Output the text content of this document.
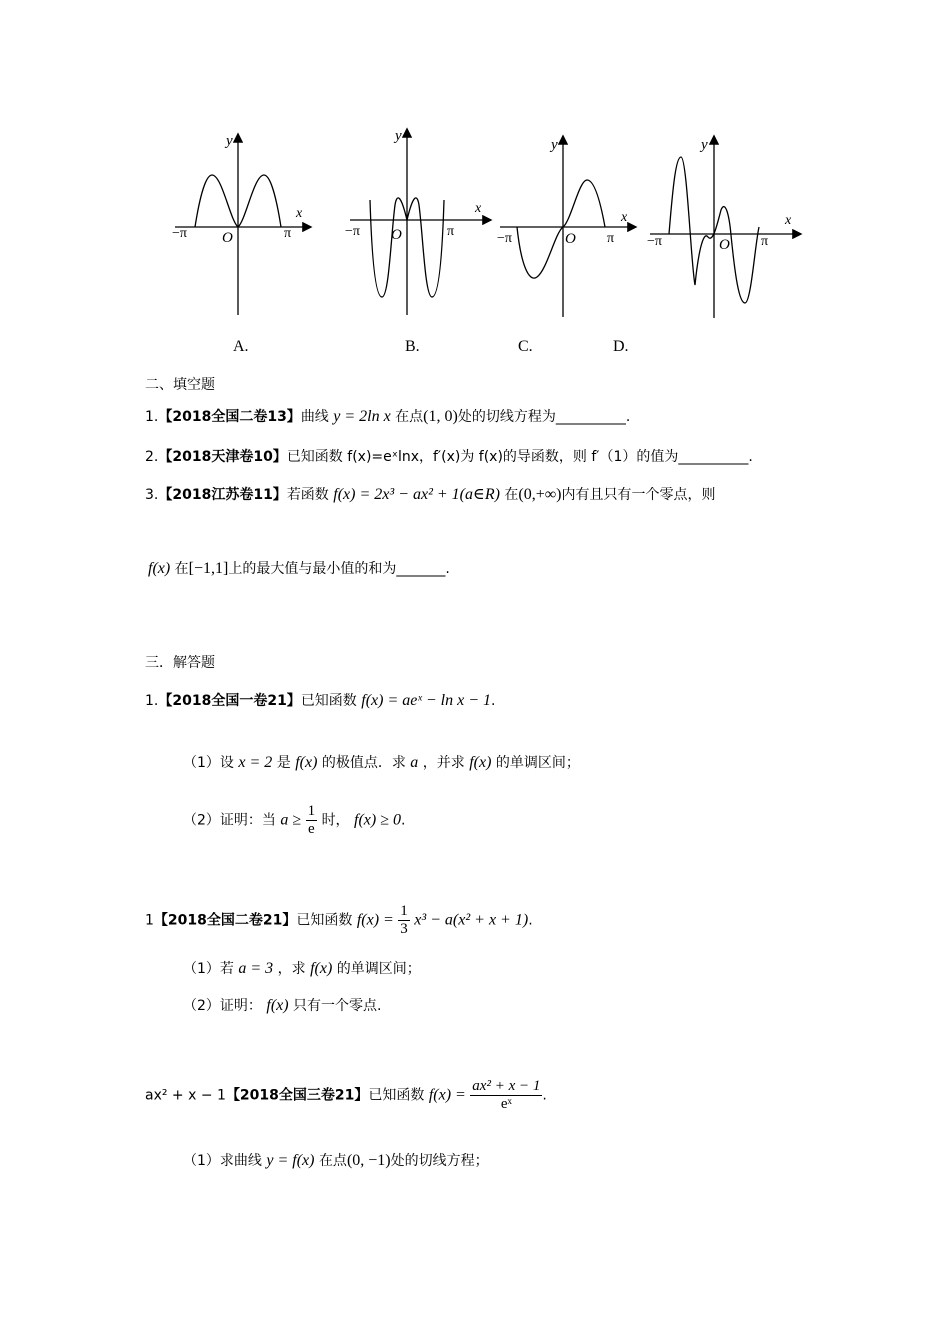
y
x
O
−π	π
y
x
O
−π	π
y
x
O
−π	π
y
x
O
−π	π
A.	B.	C.	D.
二、填空题
1.【2018全国二卷13】曲线 y = 2ln x 在点(1, 0)处的切线方程为__________.
2.【2018天津卷10】已知函数 f(x)=eˣlnx，f′(x)为 f(x)的导函数，则 f′（1）的值为__________.
3.【2018江苏卷11】若函数 f(x) = 2x³ − ax² + 1(a∈R) 在(0,+∞)内有且只有一个零点，则
f(x) 在[−1,1]上的最大值与最小值的和为_______.
三．解答题
1.【2018全国一卷21】已知函数 f(x) = aeˣ − ln x − 1.
（1）设 x = 2 是 f(x) 的极值点．求 a ，并求 f(x) 的单调区间；
（2）证明：当 $a \ge \frac{1}{e}$ 时， f(x) ≥ 0.
1【2018全国二卷21】已知函数 $f(x) = \frac{1}{3} x^3 - a(x^2 + x + 1)$.
（1）若 a = 3 ，求 f(x) 的单调区间；
（2）证明： f(x) 只有一个零点.
ax² + x − 1【2018全国三卷21】已知函数 $f(x) = \frac{\text{ax² + x − 1}}{\text{eˣ}}$ .
（1）求曲线 y = f(x) 在点(0, −1)处的切线方程；
